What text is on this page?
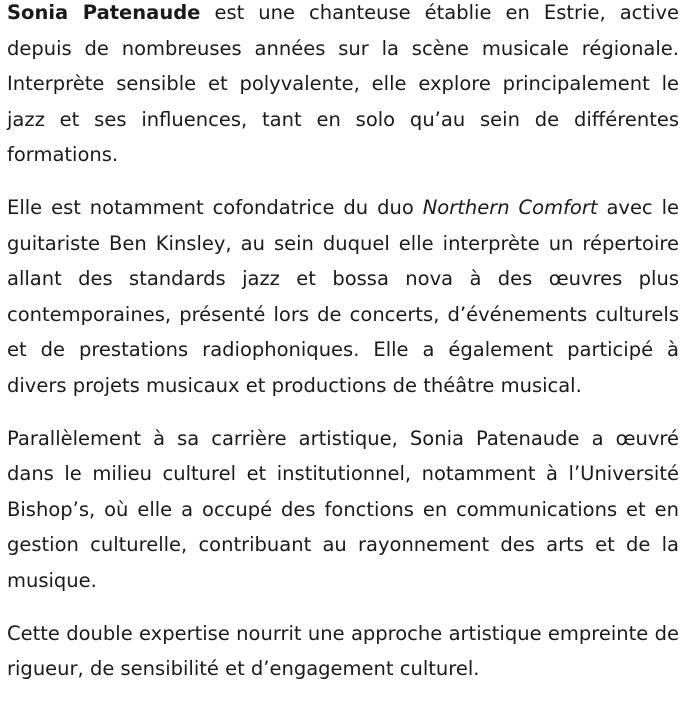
Sonia Patenaude est une chanteuse établie en Estrie, active depuis de nombreuses années sur la scène musicale régionale. Interprète sensible et polyvalente, elle explore principalement le jazz et ses influences, tant en solo qu’au sein de différentes formations.

Elle est notamment cofondatrice du duo Northern Comfort avec le guitariste Ben Kinsley, au sein duquel elle interprète un répertoire allant des standards jazz et bossa nova à des œuvres plus contemporaines, présenté lors de concerts, d’événements culturels et de prestations radiophoniques. Elle a également participé à divers projets musicaux et productions de théâtre musical.

Parallèlement à sa carrière artistique, Sonia Patenaude a œuvré dans le milieu culturel et institutionnel, notamment à l’Université Bishop’s, où elle a occupé des fonctions en communications et en gestion culturelle, contribuant au rayonnement des arts et de la musique.

Cette double expertise nourrit une approche artistique empreinte de rigueur, de sensibilité et d’engagement culturel.
